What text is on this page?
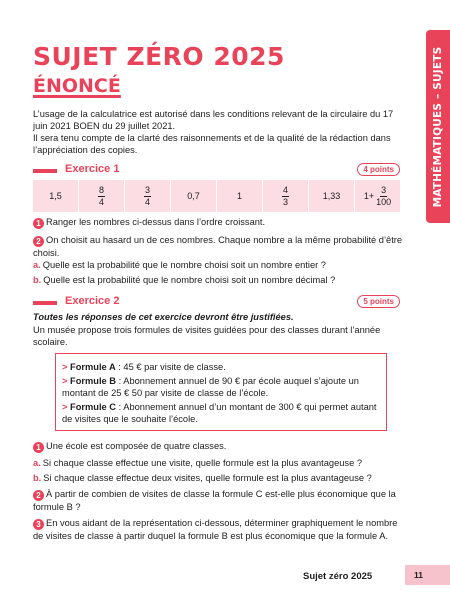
SUJET ZÉRO 2025
ÉNONCÉ	MATHÉMATIQUES – SUJETS
L’usage de la calculatrice est autorisé dans les conditions relevant de la circulaire du 17 juin 2021 BOEN du 29 juillet 2021.
Il sera tenu compte de la clarté des raisonnements et de la qualité de la rédaction dans l’appréciation des copies.
Exercice 1	4 points
1,5	$\frac{8}{4}$	$\frac{3}{4}$	0,7	1	$\frac{4}{3}$	1,33	$1+ \frac{3}{100}$
1 Ranger les nombres ci-dessus dans l’ordre croissant.
2 On choisit au hasard un de ces nombres. Chaque nombre a la même probabilité d’être choisi.
a. Quelle est la probabilité que le nombre choisi soit un nombre entier ?
b. Quelle est la probabilité que le nombre choisi soit un nombre décimal ?
Exercice 2	5 points
Toutes les réponses de cet exercice devront être justifiées.
Un musée propose trois formules de visites guidées pour des classes durant l’année scolaire.
> Formule A : 45 € par visite de classe.
> Formule B : Abonnement annuel de 90 € par école auquel s’ajoute un montant de 25 € 50 par visite de classe de l’école.
> Formule C : Abonnement annuel d’un montant de 300 € qui permet autant de visites que le souhaite l’école.
1 Une école est composée de quatre classes.
a. Si chaque classe effectue une visite, quelle formule est la plus avantageuse ?
b. Si chaque classe effectue deux visites, quelle formule est la plus avantageuse ?
2 À partir de combien de visites de classe la formule C est-elle plus économique que la formule B ?
3 En vous aidant de la représentation ci-dessous, déterminer graphiquement le nombre de visites de classe à partir duquel la formule B est plus économique que la formule A.
Sujet zéro 2025	11
